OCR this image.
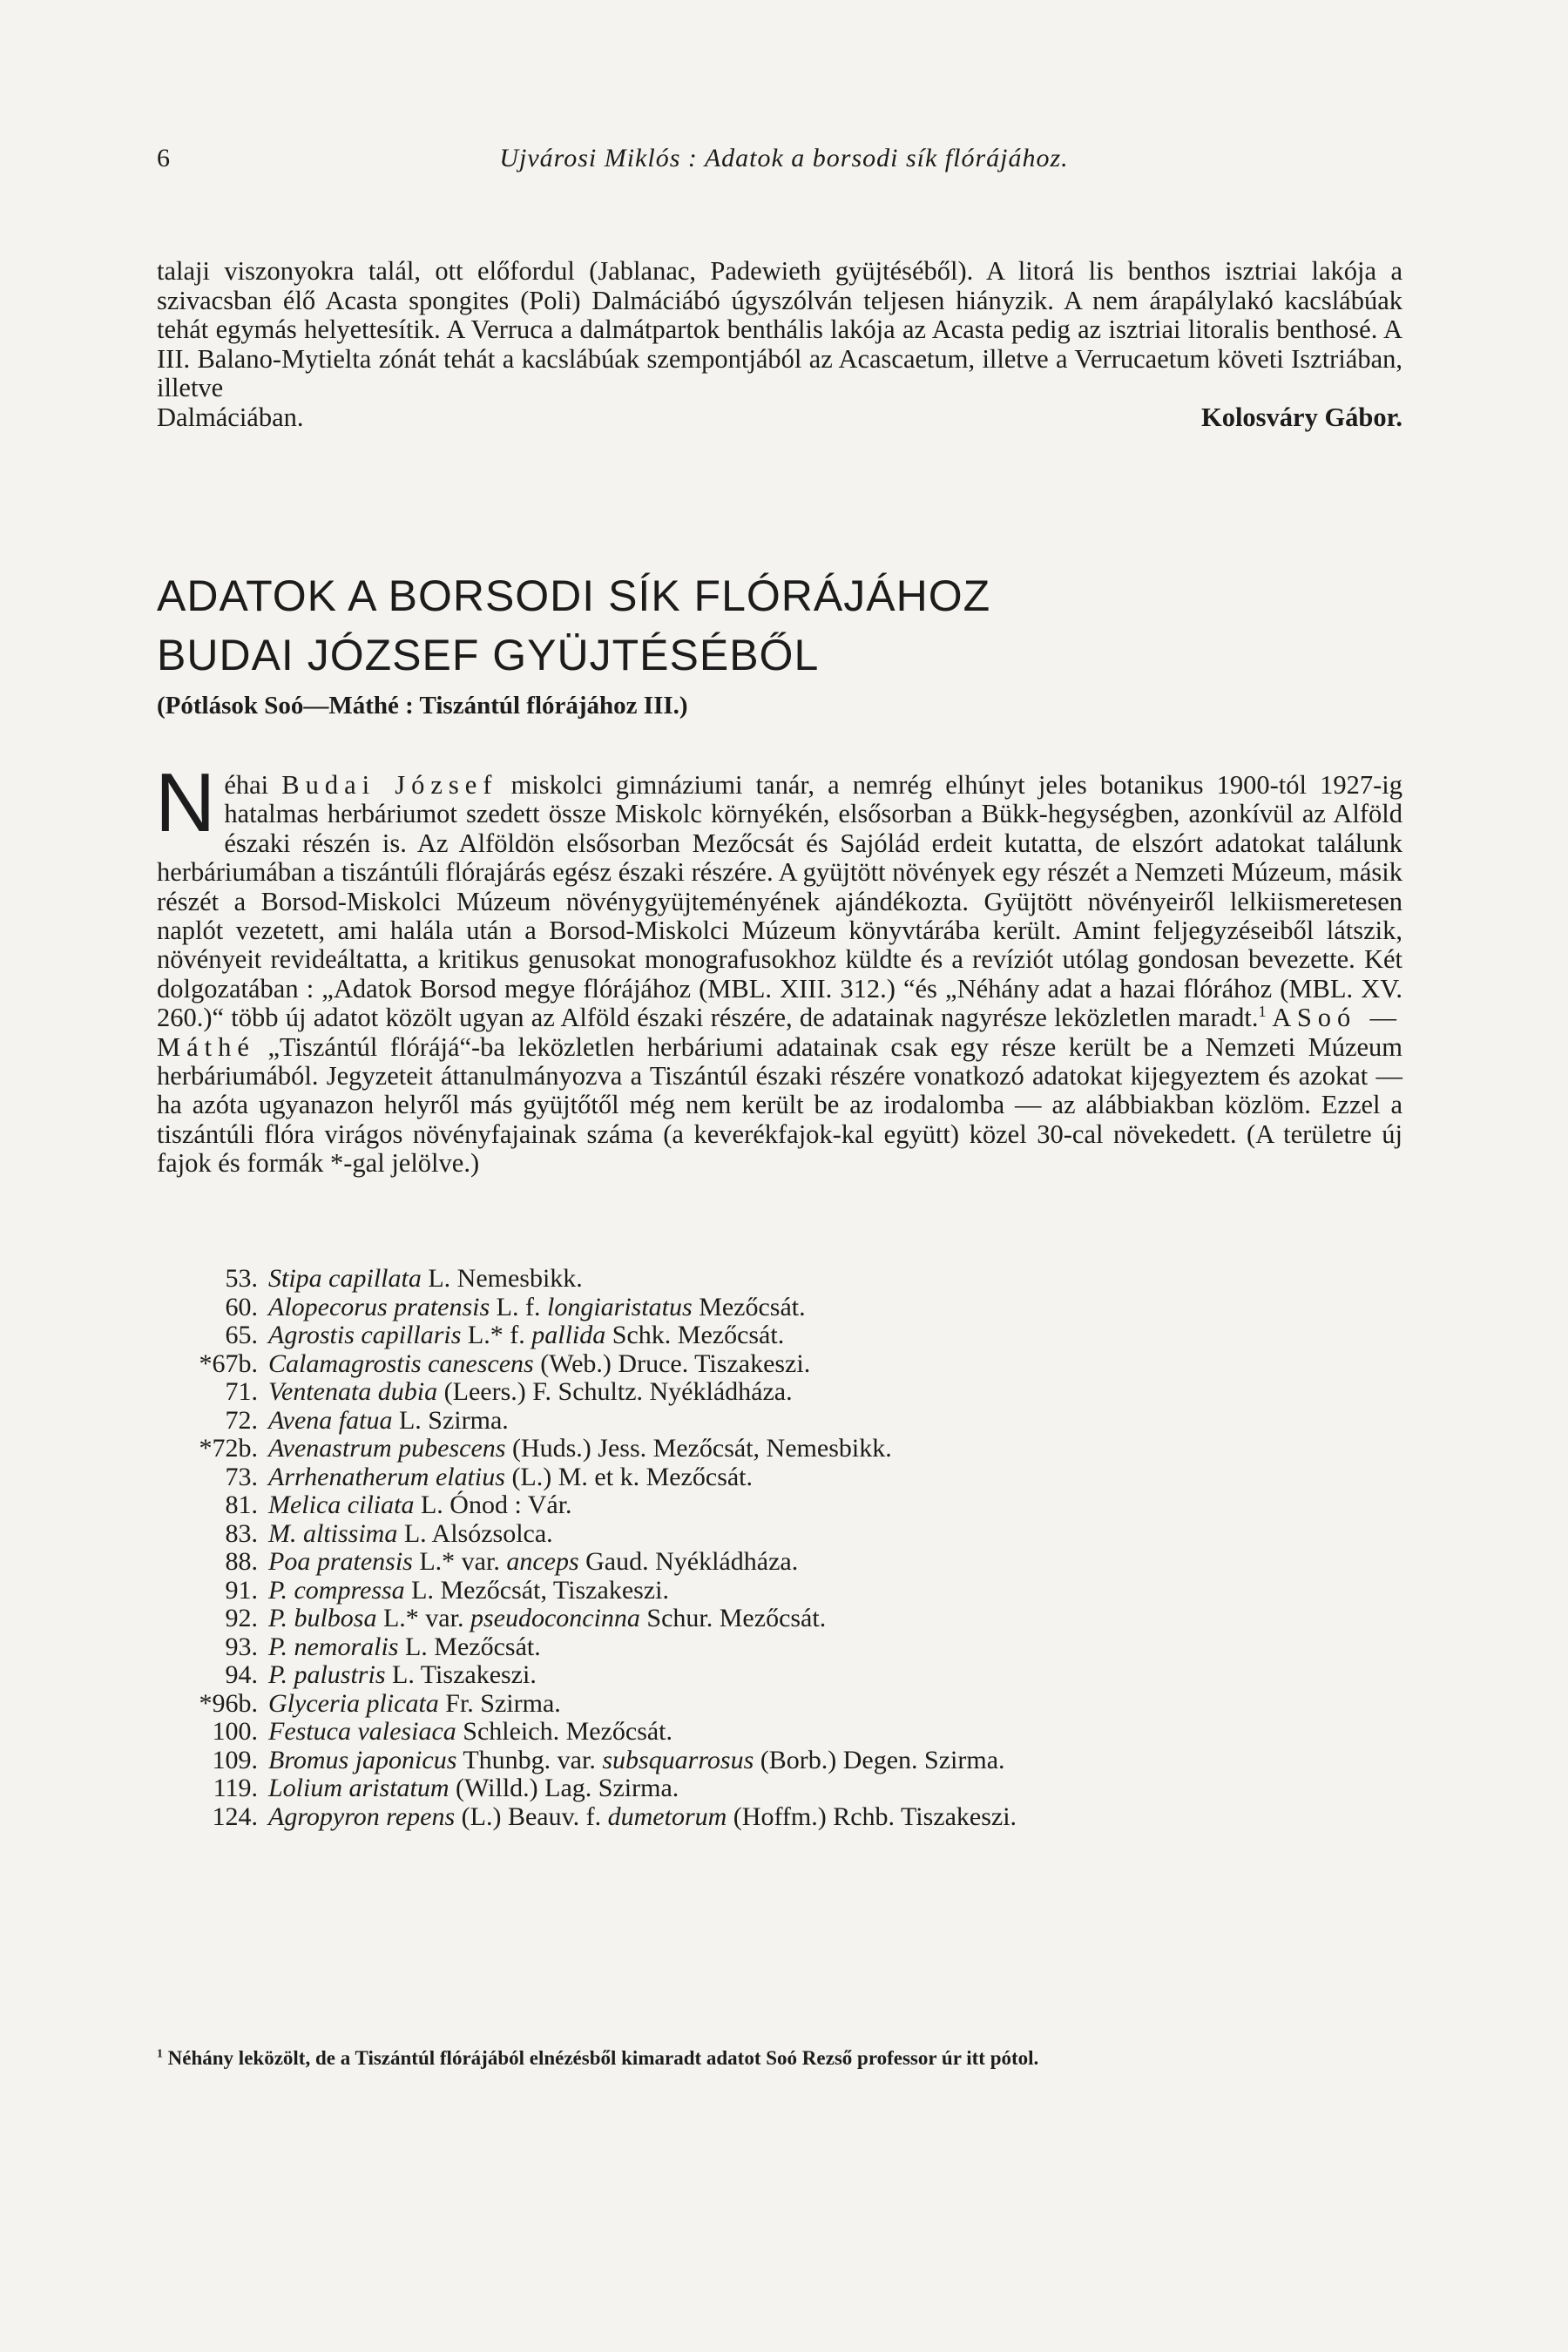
6	Ujvárosi Miklós : Adatok a borsodi sík flórájához.
talaji viszonyokra talál, ott előfordul (Jablanac, Padewieth gyüjtéséből). A litorá lis benthos isztriai lakója a szivacsban élő Acasta spongites (Poli) Dalmáciábó úgyszólván teljesen hiányzik. A nem árapálylakó kacslábúak tehát egymás helyettesítik. A Verruca a dalmátpartok benthális lakója az Acasta pedig az isztriai litoralis benthosé. A III. Balano-Mytielta zónát tehát a kacslábúak szempontjából az Acascaetum, illetve a Verrucaetum követi Isztriában, illetve
Dalmáciában.	Kolosváry Gábor.
ADATOK A BORSODI SÍK FLÓRÁJÁHOZ
BUDAI JÓZSEF GYÜJTÉSÉBŐL
(Pótlások Soó—Máthé : Tiszántúl flórájához III.)
Néhai Budai József miskolci gimnáziumi tanár, a nemrég elhúnyt jeles botanikus 1900-tól 1927-ig hatalmas herbáriumot szedett össze Miskolc környékén, elsősorban a Bükk-hegységben, azonkívül az Alföld északi részén is. Az Alföldön elsősorban Mezőcsát és Sajólád erdeit kutatta, de elszórt adatokat találunk herbáriumában a tiszántúli flórajárás egész északi részére. A gyüjtött növények egy részét a Nemzeti Múzeum, másik részét a Borsod-Miskolci Múzeum növénygyüjteményének ajándékozta. Gyüjtött növényeiről lelkiismeretesen naplót vezetett, ami halála után a Borsod-Miskolci Múzeum könyvtárába került. Amint feljegyzéseiből látszik, növényeit revideáltatta, a kritikus genusokat monografusokhoz küldte és a revíziót utólag gondosan bevezette. Két dolgozatában : „Adatok Borsod megye flórájához (MBL. XIII. 312.) “és „Néhány adat a hazai flórához (MBL. XV. 260.)“ több új adatot közölt ugyan az Alföld északi részére, de adatainak nagyrésze leközletlen maradt.$^1$ A Soó — Máthé „Tiszántúl flórájá“-ba leközletlen herbáriumi adatainak csak egy része került be a Nemzeti Múzeum herbáriumából. Jegyzeteit áttanulmányozva a Tiszántúl északi részére vonatkozó adatokat kijegyeztem és azokat — ha azóta ugyanazon helyről más gyüjtőtől még nem került be az irodalomba — az alábbiakban közlöm. Ezzel a tiszántúli flóra virágos növényfajainak száma (a keverékfajok-kal együtt) közel 30-cal növekedett. (A területre új fajok és formák *-gal jelölve.)
53. Stipa capillata L. Nemesbikk.
60. Alopecorus pratensis L. f. longiaristatus Mezőcsát.
65. Agrostis capillaris L.* f. pallida Schk. Mezőcsát.
*67b. Calamagrostis canescens (Web.) Druce. Tiszakeszi.
71. Ventenata dubia (Leers.) F. Schultz. Nyékládháza.
72. Avena fatua L. Szirma.
*72b. Avenastrum pubescens (Huds.) Jess. Mezőcsát, Nemesbikk.
73. Arrhenatherum elatius (L.) M. et k. Mezőcsát.
81. Melica ciliata L. Ónod : Vár.
83. M. altissima L. Alsózsolca.
88. Poa pratensis L.* var. anceps Gaud. Nyékládháza.
91. P. compressa L. Mezőcsát, Tiszakeszi.
92. P. bulbosa L.* var. pseudoconcinna Schur. Mezőcsát.
93. P. nemoralis L. Mezőcsát.
94. P. palustris L. Tiszakeszi.
*96b. Glyceria plicata Fr. Szirma.
100. Festuca valesiaca Schleich. Mezőcsát.
109. Bromus japonicus Thunbg. var. subsquarrosus (Borb.) Degen. Szirma.
119. Lolium aristatum (Willd.) Lag. Szirma.
124. Agropyron repens (L.) Beauv. f. dumetorum (Hoffm.) Rchb. Tiszakeszi.
$^1$ Néhány leközölt, de a Tiszántúl flórájából elnézésből kimaradt adatot Soó Rezső professor úr itt pótol.
